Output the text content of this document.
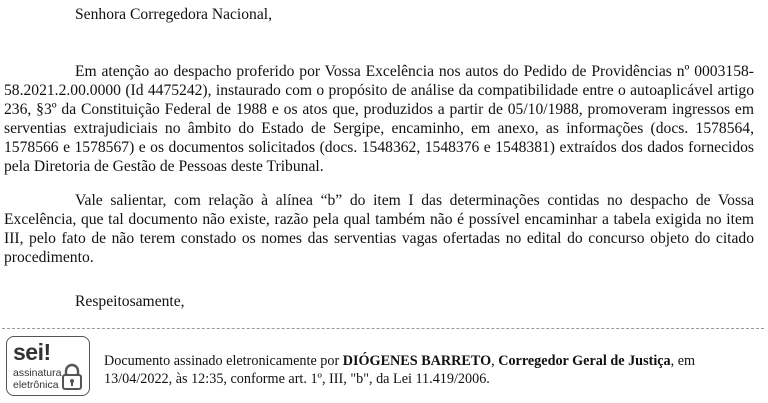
Senhora Corregedora Nacional,
Em atenção ao despacho proferido por Vossa Excelência nos autos do Pedido de Providências nº 0003158-58.2021.2.00.0000 (Id 4475242), instaurado com o propósito de análise da compatibilidade entre o autoaplicável artigo 236, §3º da Constituição Federal de 1988 e os atos que, produzidos a partir de 05/10/1988, promoveram ingressos em serventias extrajudiciais no âmbito do Estado de Sergipe, encaminho, em anexo, as informações (docs. 1578564, 1578566 e 1578567) e os documentos solicitados (docs. 1548362, 1548376 e 1548381) extraídos dos dados fornecidos pela Diretoria de Gestão de Pessoas deste Tribunal.
Vale salientar, com relação à alínea “b” do item I das determinações contidas no despacho de Vossa Excelência, que tal documento não existe, razão pela qual também não é possível encaminhar a tabela exigida no item III, pelo fato de não terem constado os nomes das serventias vagas ofertadas no edital do concurso objeto do citado procedimento.
Respeitosamente,
sei!
assinatura
eletrônica
Documento assinado eletronicamente por DIÓGENES BARRETO, Corregedor Geral de Justiça, em 13/04/2022, às 12:35, conforme art. 1º, III, "b", da Lei 11.419/2006.
